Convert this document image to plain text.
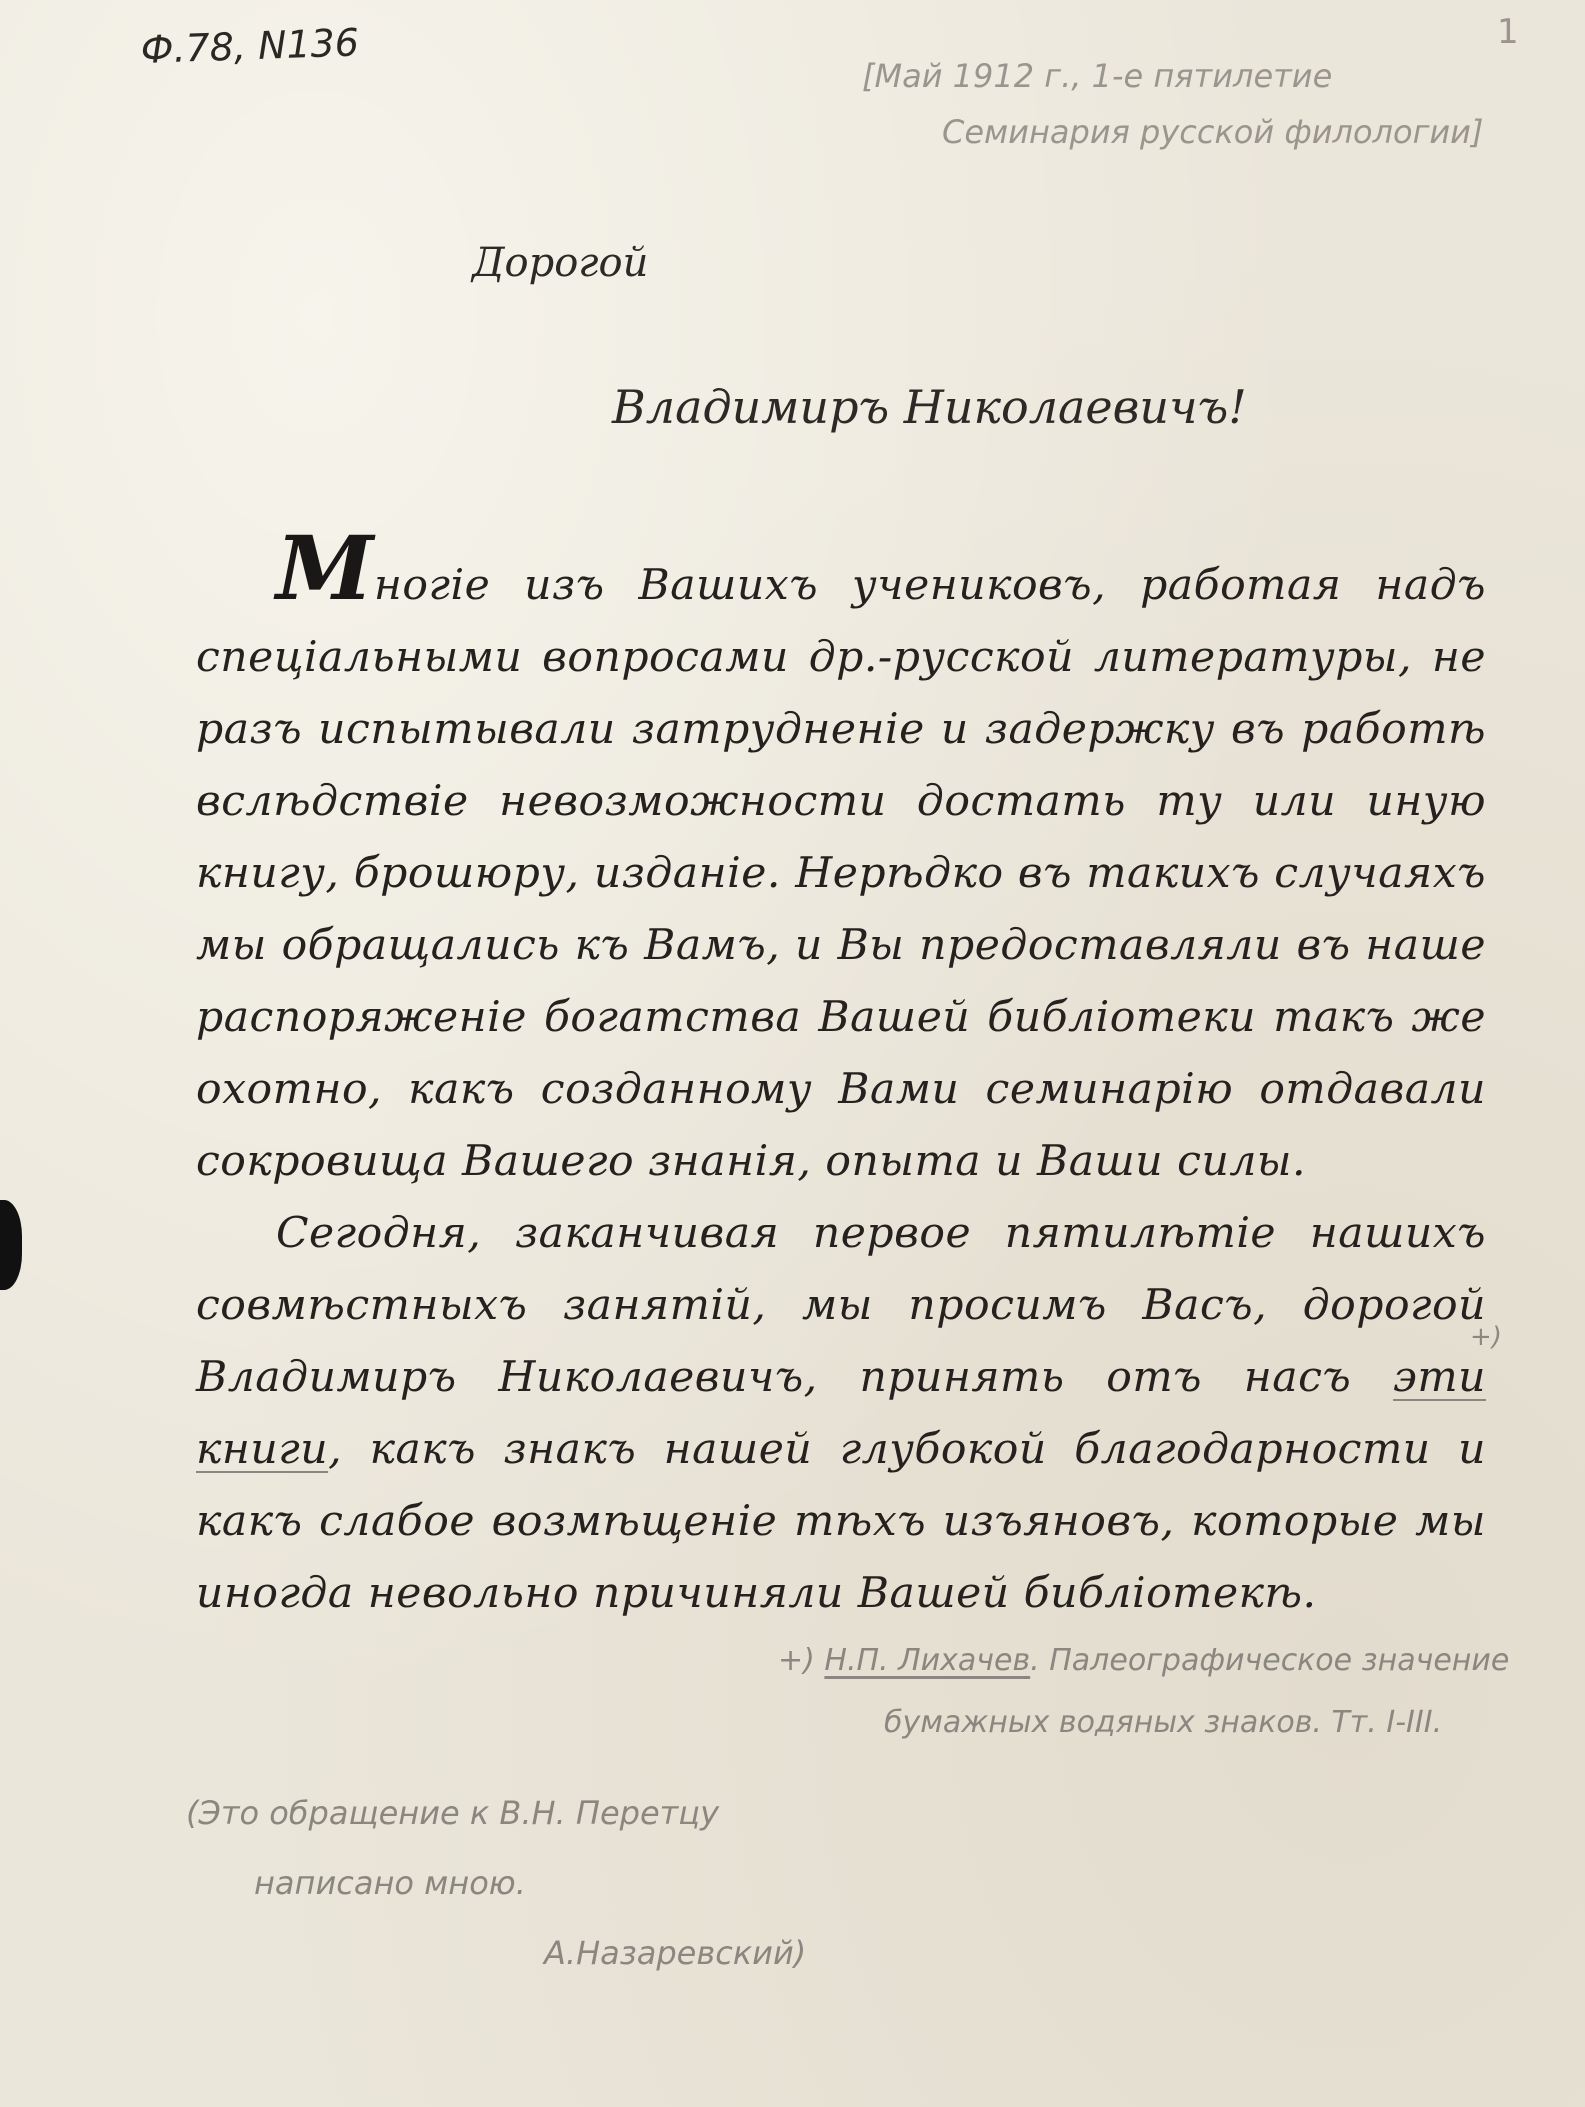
Ф.78, N136	1
[Май 1912 г., 1-е пятилетие
Семинария русской филологии]
Дорогой
Владимиръ Николаевичъ!

Многіе изъ Вашихъ учениковъ, работая надъ спеціальными вопросами др.-русской литературы, не разъ испытывали затрудненіе и задержку въ работѣ вслѣдствіе невозможности достать ту или иную книгу, брошюру, изданіе. Нерѣдко въ такихъ случаяхъ мы обращались къ Вамъ, и Вы предоставляли въ наше распоряженіе богатства Вашей библіотеки такъ же охотно, какъ созданному Вами семинарію отдавали сокровища Вашего знанія, опыта и Ваши силы.

Сегодня, заканчивая первое пятилѣтіе нашихъ совмѣстныхъ занятій, мы просимъ Васъ, дорогой Владимиръ Николаевичъ, принять отъ насъ эти книги, какъ знакъ нашей глубокой благодарности и какъ слабое возмѣщеніе тѣхъ изъяновъ, которые мы иногда невольно причиняли Вашей библіотекѣ.

+)
+) Н.П. Лихачев. Палеографическое значение
бумажных водяных знаков. Тт. I-III.
(Это обращение к В.Н. Перетцу
написано мною.
А.Назаревский)
